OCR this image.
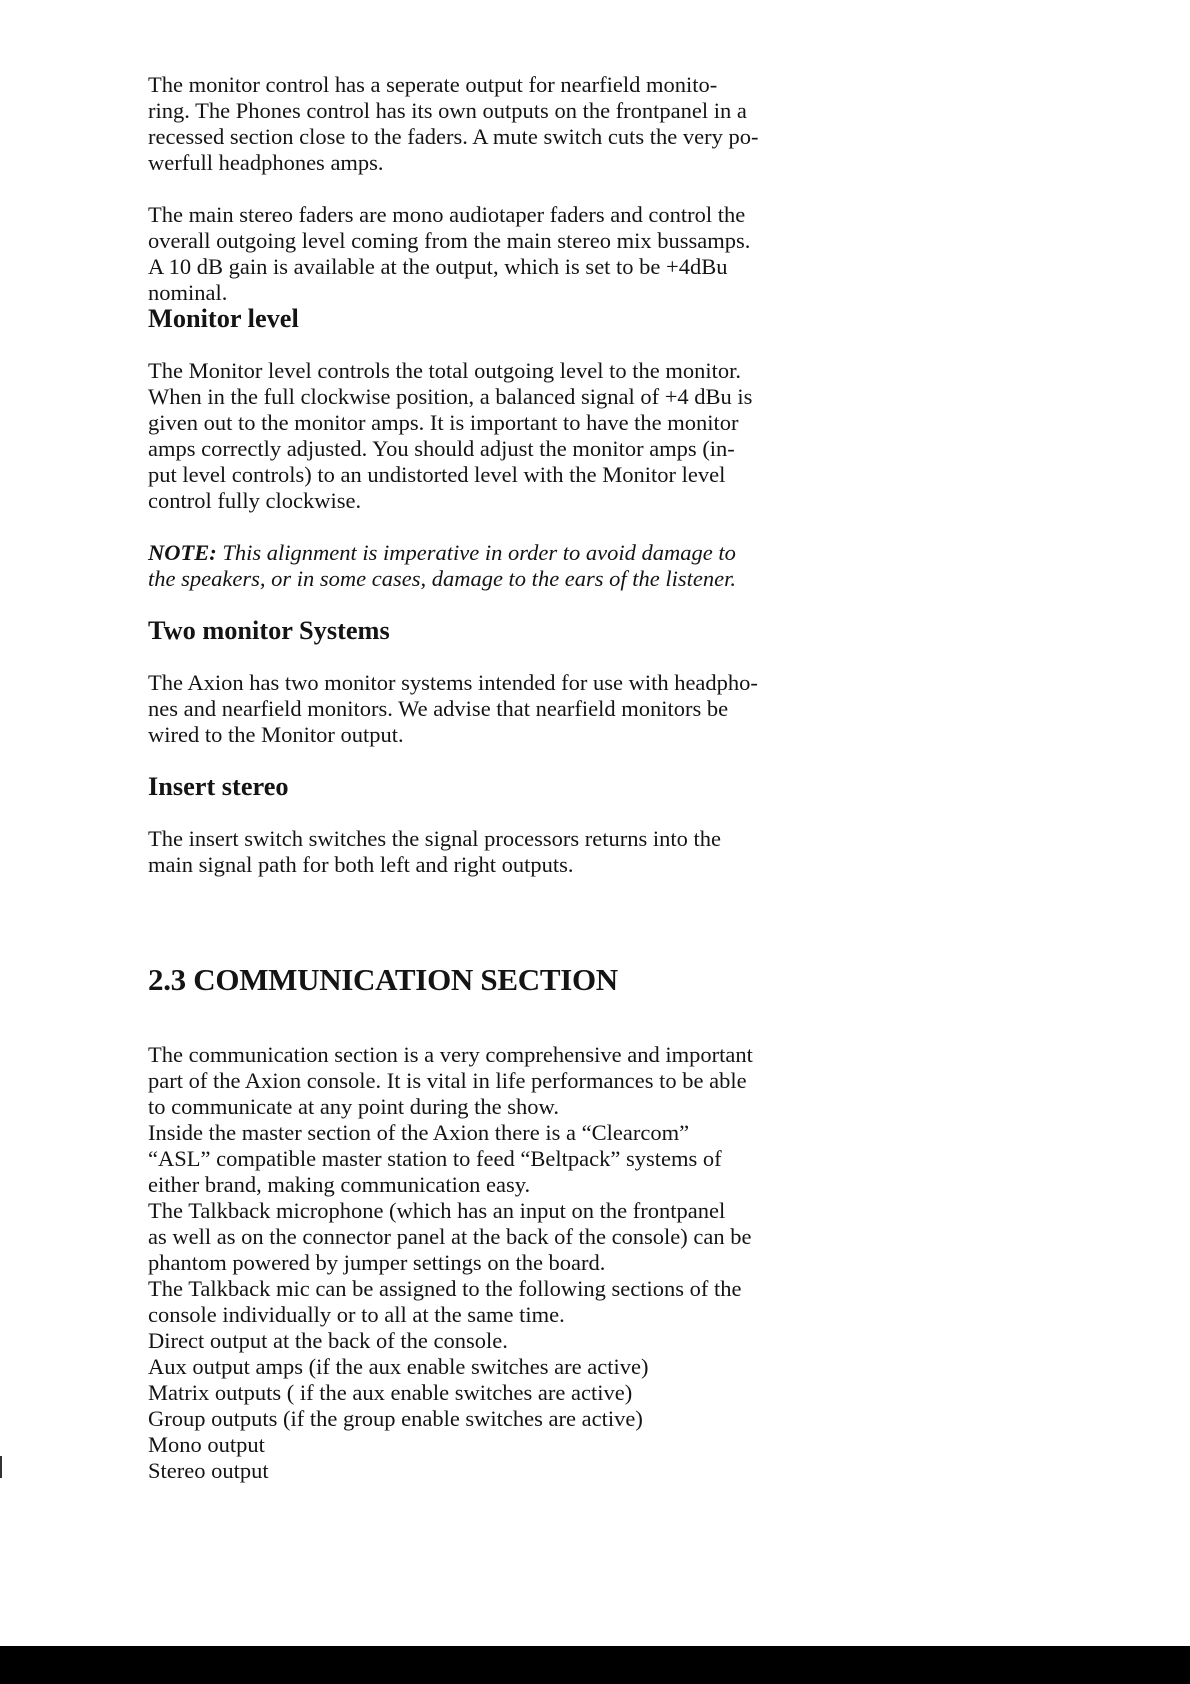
The monitor control has a seperate output for nearfield monito-
ring. The Phones control has its own outputs on the frontpanel in a
recessed section close to the faders. A mute switch cuts the very po-
werfull headphones amps.
The main stereo faders are mono audiotaper faders and control the
overall outgoing level coming from the main stereo mix bussamps.
A 10 dB gain is available at the output, which is set to be +4dBu
nominal.
Monitor level
The Monitor level controls the total outgoing level to the monitor.
When in the full clockwise position, a balanced signal of +4 dBu is
given out to the monitor amps. It is important to have the monitor
amps correctly adjusted. You should adjust the monitor amps (in-
put level controls) to an undistorted level with the Monitor level
control fully clockwise.
NOTE: This alignment is imperative in order to avoid damage to
the speakers, or in some cases, damage to the ears of the listener.
Two monitor Systems
The Axion has two monitor systems intended for use with headpho-
nes and nearfield monitors. We advise that nearfield monitors be
wired to the Monitor output.
Insert stereo
The insert switch switches the signal processors returns into the
main signal path for both left and right outputs.
2.3 COMMUNICATION SECTION
The communication section is a very comprehensive and important
part of the Axion console. It is vital in life performances to be able
to communicate at any point during the show.
Inside the master section of the Axion there is a “Clearcom”
“ASL” compatible master station to feed “Beltpack” systems of
either brand, making communication easy.
The Talkback microphone (which has an input on the frontpanel
as well as on the connector panel at the back of the console) can be
phantom powered by jumper settings on the board.
The Talkback mic can be assigned to the following sections of the
console individually or to all at the same time.
Direct output at the back of the console.
Aux output amps (if the aux enable switches are active)
Matrix outputs ( if the aux enable switches are active)
Group outputs (if the group enable switches are active)
Mono output
Stereo output
